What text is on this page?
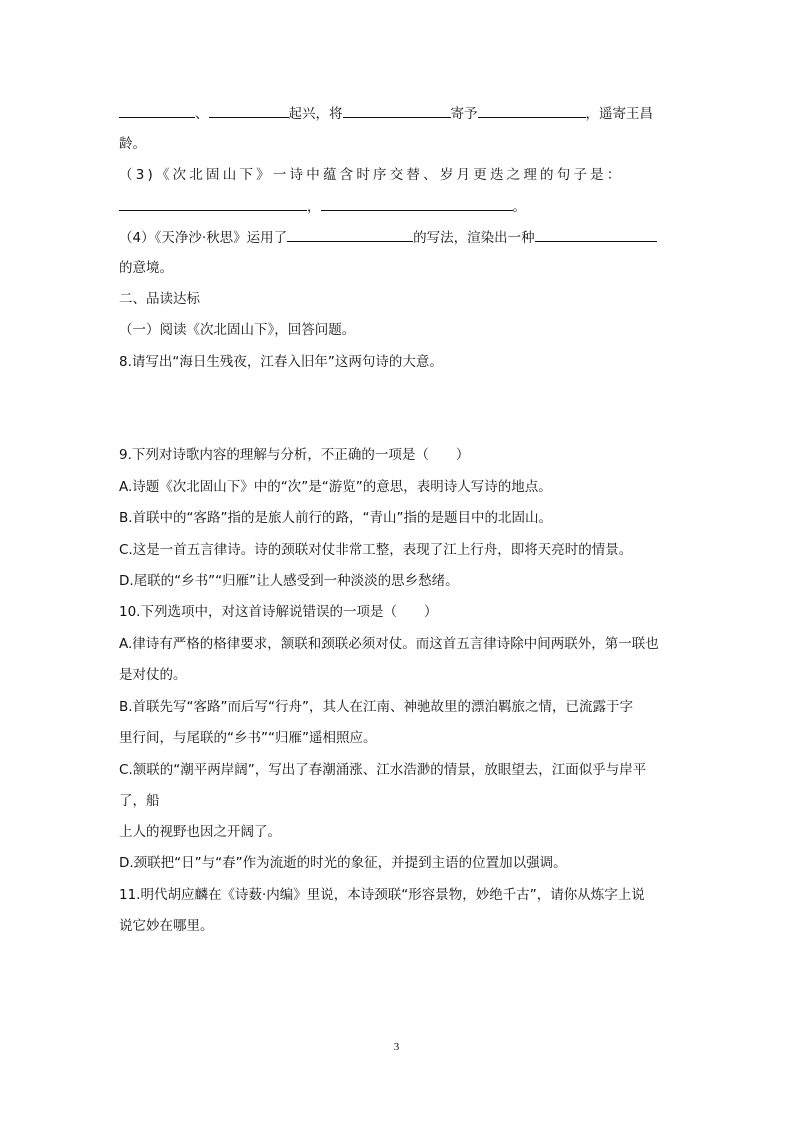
、	起兴，将	寄予	，遥寄王昌
龄。
（3)《次北固山下》一诗中蕴含时序交替、岁月更迭之理的句子是：
，	。
（4）《天净沙·秋思》运用了	的写法，渲染出一种
的意境。
二、品读达标
（一）阅读《次北固山下》，回答问题。
8.请写出“海日生残夜，江春入旧年”这两句诗的大意。
9.下列对诗歌内容的理解与分析，不正确的一项是（　　）
A.诗题《次北固山下》中的“次”是“游览”的意思，表明诗人写诗的地点。
B.首联中的“客路”指的是旅人前行的路，“青山”指的是题目中的北固山。
C.这是一首五言律诗。诗的颈联对仗非常工整，表现了江上行舟，即将天亮时的情景。
D.尾联的“乡书”“归雁”让人感受到一种淡淡的思乡愁绪。
10.下列选项中，对这首诗解说错误的一项是（　　）
A.律诗有严格的格律要求，颔联和颈联必须对仗。而这首五言律诗除中间两联外，第一联也
是对仗的。
B.首联先写“客路”而后写“行舟”，其人在江南、神驰故里的漂泊羁旅之情，已流露于字
里行间，与尾联的“乡书”“归雁”遥相照应。
C.颔联的“潮平两岸阔”，写出了春潮涌涨、江水浩渺的情景，放眼望去，江面似乎与岸平
了，船
上人的视野也因之开阔了。
D.颈联把“日”与“春”作为流逝的时光的象征，并提到主语的位置加以强调。
11.明代胡应麟在《诗薮·内编》里说，本诗颈联“形容景物，妙绝千古”，请你从炼字上说
说它妙在哪里。
3
